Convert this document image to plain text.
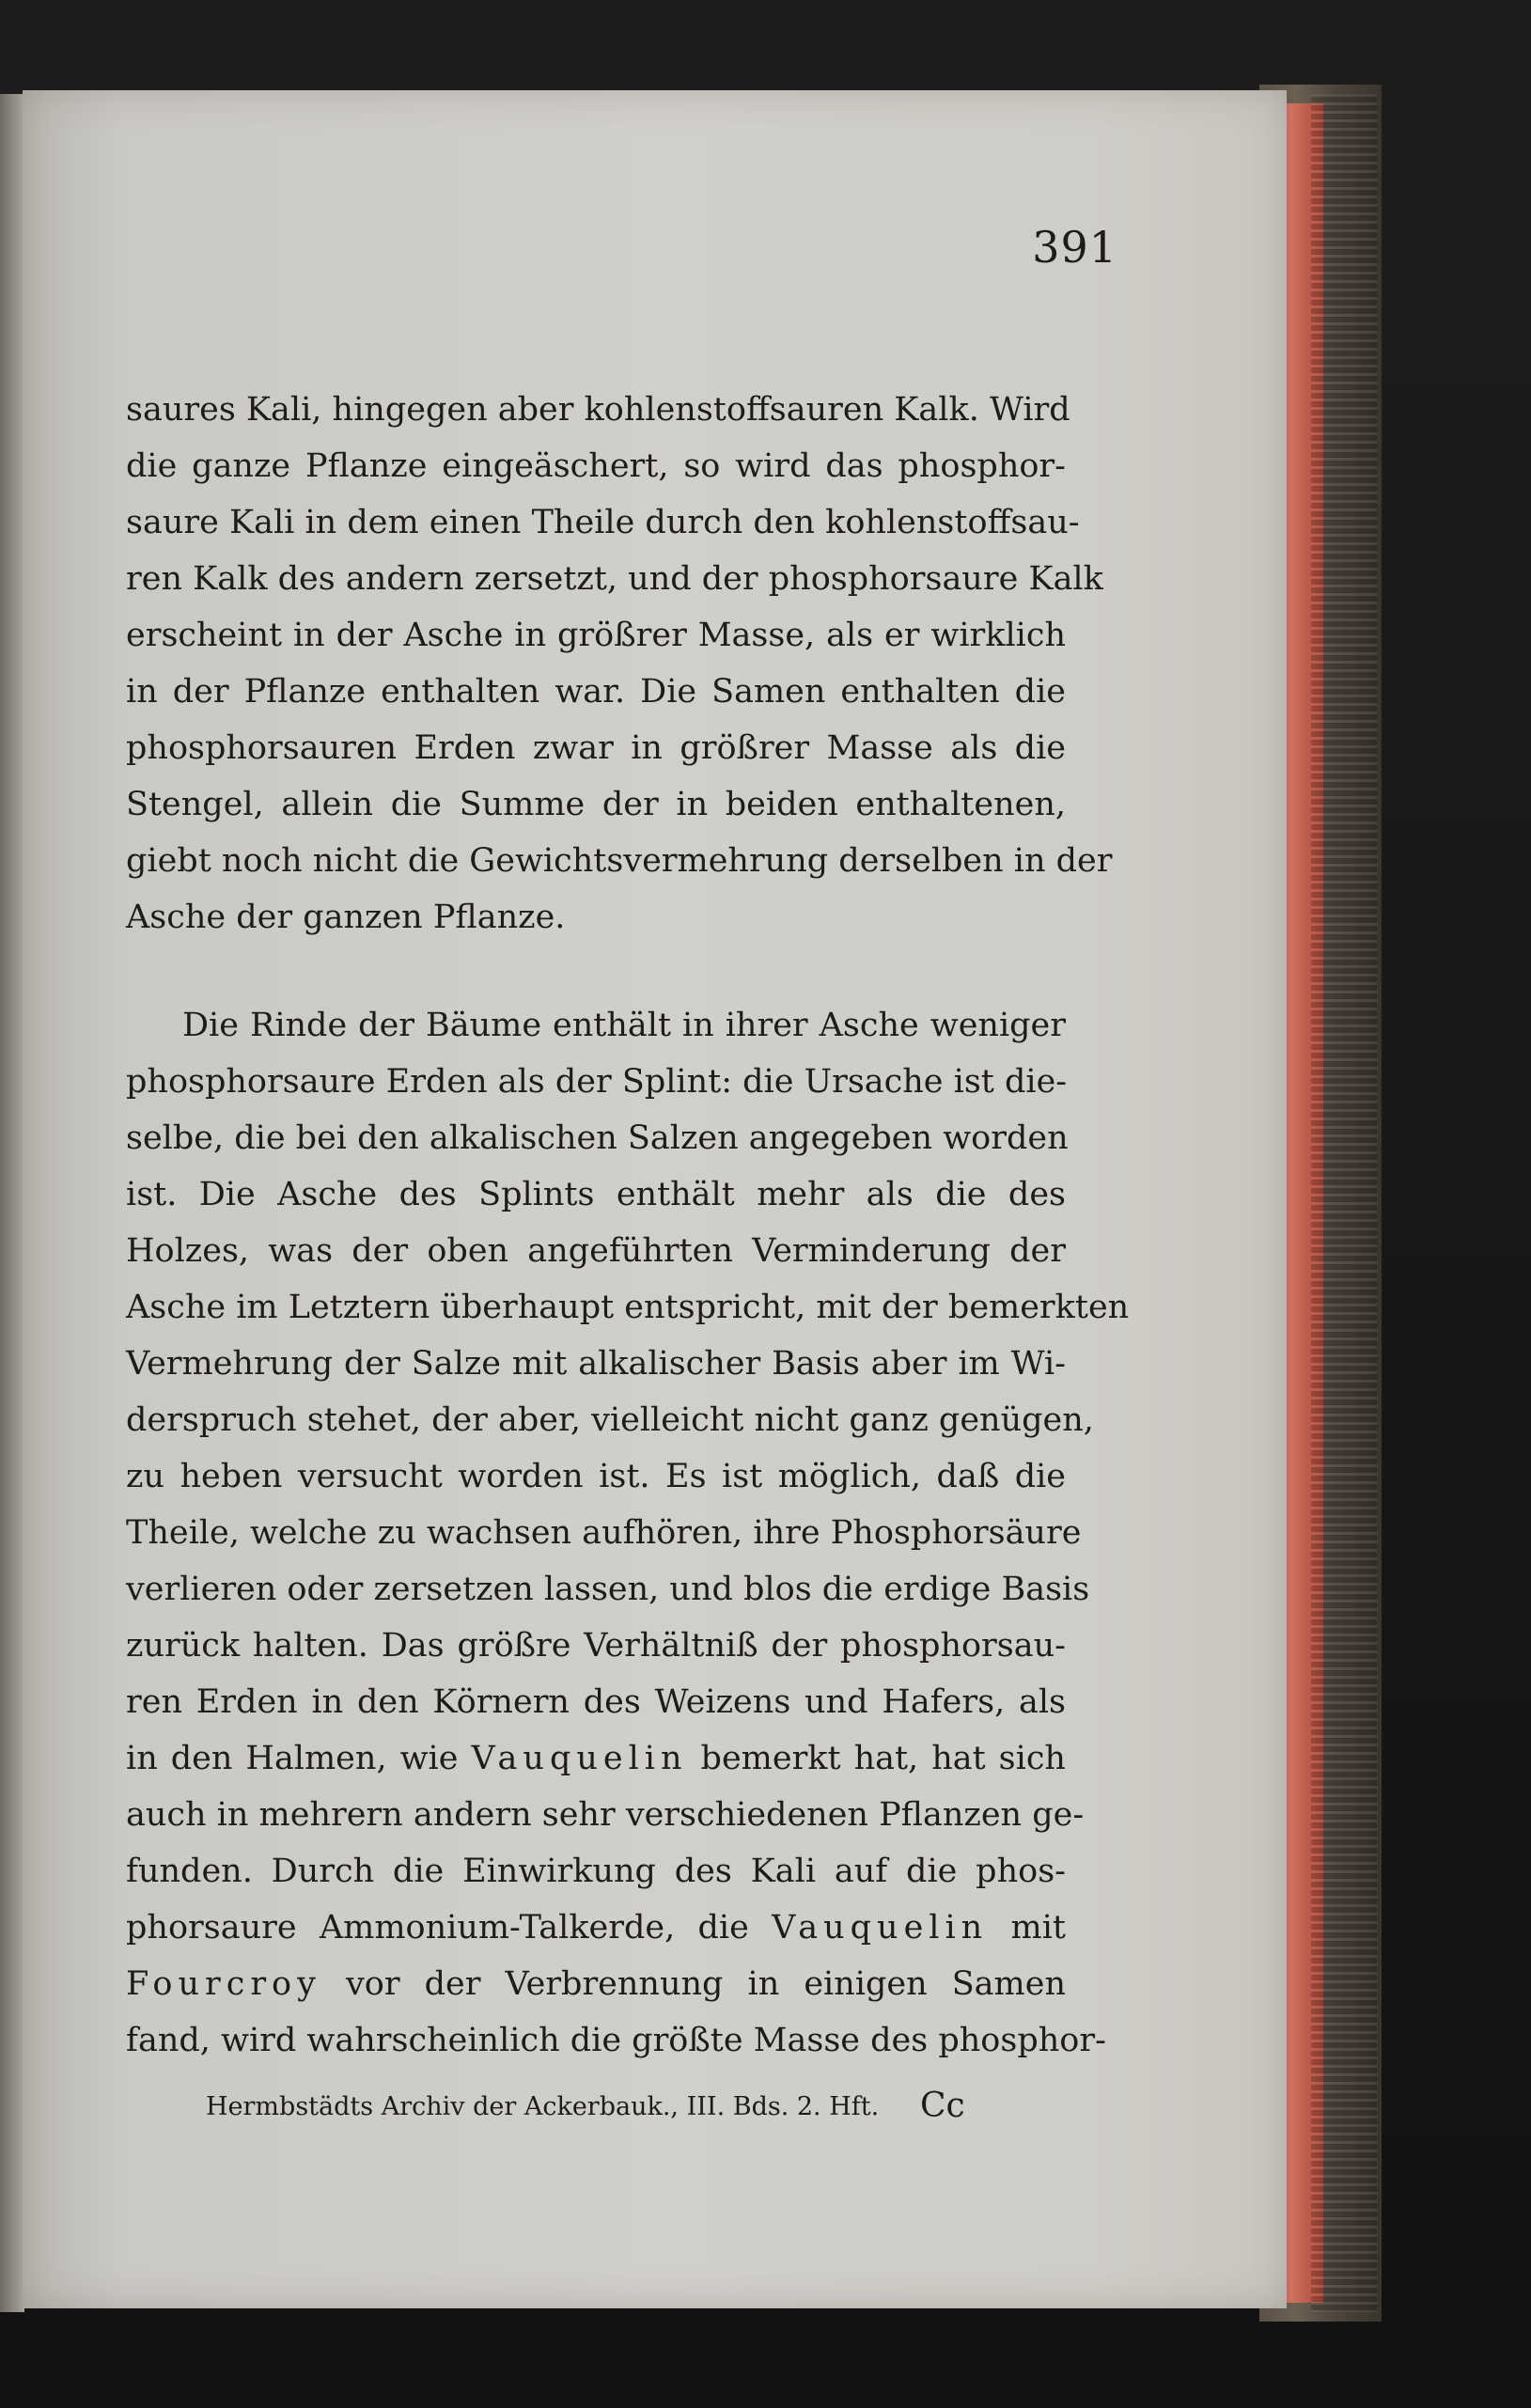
391

saures Kali, hingegen aber kohlenstoffsauren Kalk. Wird
die ganze Pflanze eingeäschert, so wird das phosphor-
saure Kali in dem einen Theile durch den kohlenstoffsau-
ren Kalk des andern zersetzt, und der phosphorsaure Kalk
erscheint in der Asche in größrer Masse, als er wirklich
in der Pflanze enthalten war. Die Samen enthalten die
phosphorsauren Erden zwar in größrer Masse als die
Stengel, allein die Summe der in beiden enthaltenen,
giebt noch nicht die Gewichtsvermehrung derselben in der
Asche der ganzen Pflanze.

Die Rinde der Bäume enthält in ihrer Asche weniger
phosphorsaure Erden als der Splint: die Ursache ist die-
selbe, die bei den alkalischen Salzen angegeben worden
ist. Die Asche des Splints enthält mehr als die des
Holzes, was der oben angeführten Verminderung der
Asche im Letztern überhaupt entspricht, mit der bemerkten
Vermehrung der Salze mit alkalischer Basis aber im Wi-
derspruch stehet, der aber, vielleicht nicht ganz genügen,
zu heben versucht worden ist. Es ist möglich, daß die
Theile, welche zu wachsen aufhören, ihre Phosphorsäure
verlieren oder zersetzen lassen, und blos die erdige Basis
zurück halten. Das größre Verhältniß der phosphorsau-
ren Erden in den Körnern des Weizens und Hafers, als
in den Halmen, wie Vauquelin bemerkt hat, hat sich
auch in mehrern andern sehr verschiedenen Pflanzen ge-
funden. Durch die Einwirkung des Kali auf die phos-
phorsaure Ammonium-Talkerde, die Vauquelin mit
Fourcroy vor der Verbrennung in einigen Samen
fand, wird wahrscheinlich die größte Masse des phosphor-

Hermbstädts Archiv der Ackerbauk., III. Bds. 2. Hft. Cc
